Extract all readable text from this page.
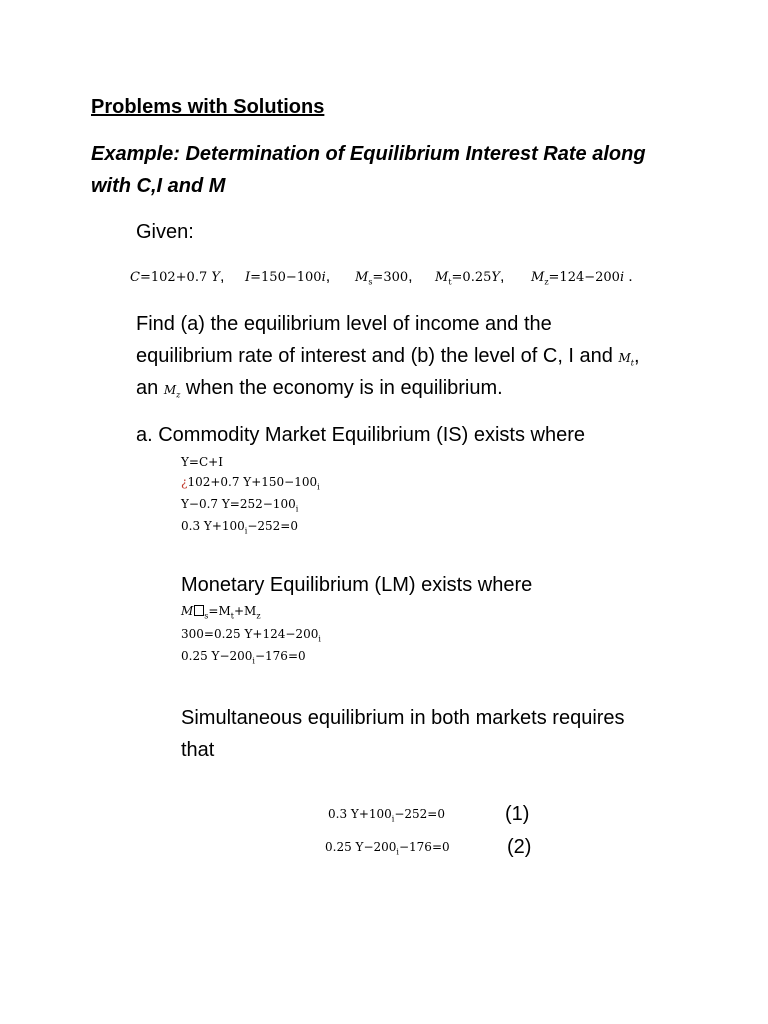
Problems with Solutions
Example: Determination of Equilibrium Interest Rate along with C,I and M
Given:
C=102+0.7 Y, I=150−100i, $M_s=300$, $M_t=0.25Y$, $M_z=124-200i$ .
Find (a) the equilibrium level of income and the
equilibrium rate of interest and (b) the level of C, I and $M_t$,
an $M_z$ when the economy is in equilibrium.
a. Commodity Market Equilibrium (IS) exists where
Y=C+I
¿102+0.7 $Y+150-100_i$
Y−0.7 $Y=252-100_i$
0.3 $Y+100_i-252=0$
Monetary Equilibrium (LM) exists where
M $_s=M_t+M_z$
300=0.25 $Y+124-200_i$
0.25 $Y-200_i-176=0$
Simultaneous equilibrium in both markets requires
that
0.3 $Y+100_i-252=0$	(1)
0.25 $Y-200_i-176=0$	(2)
